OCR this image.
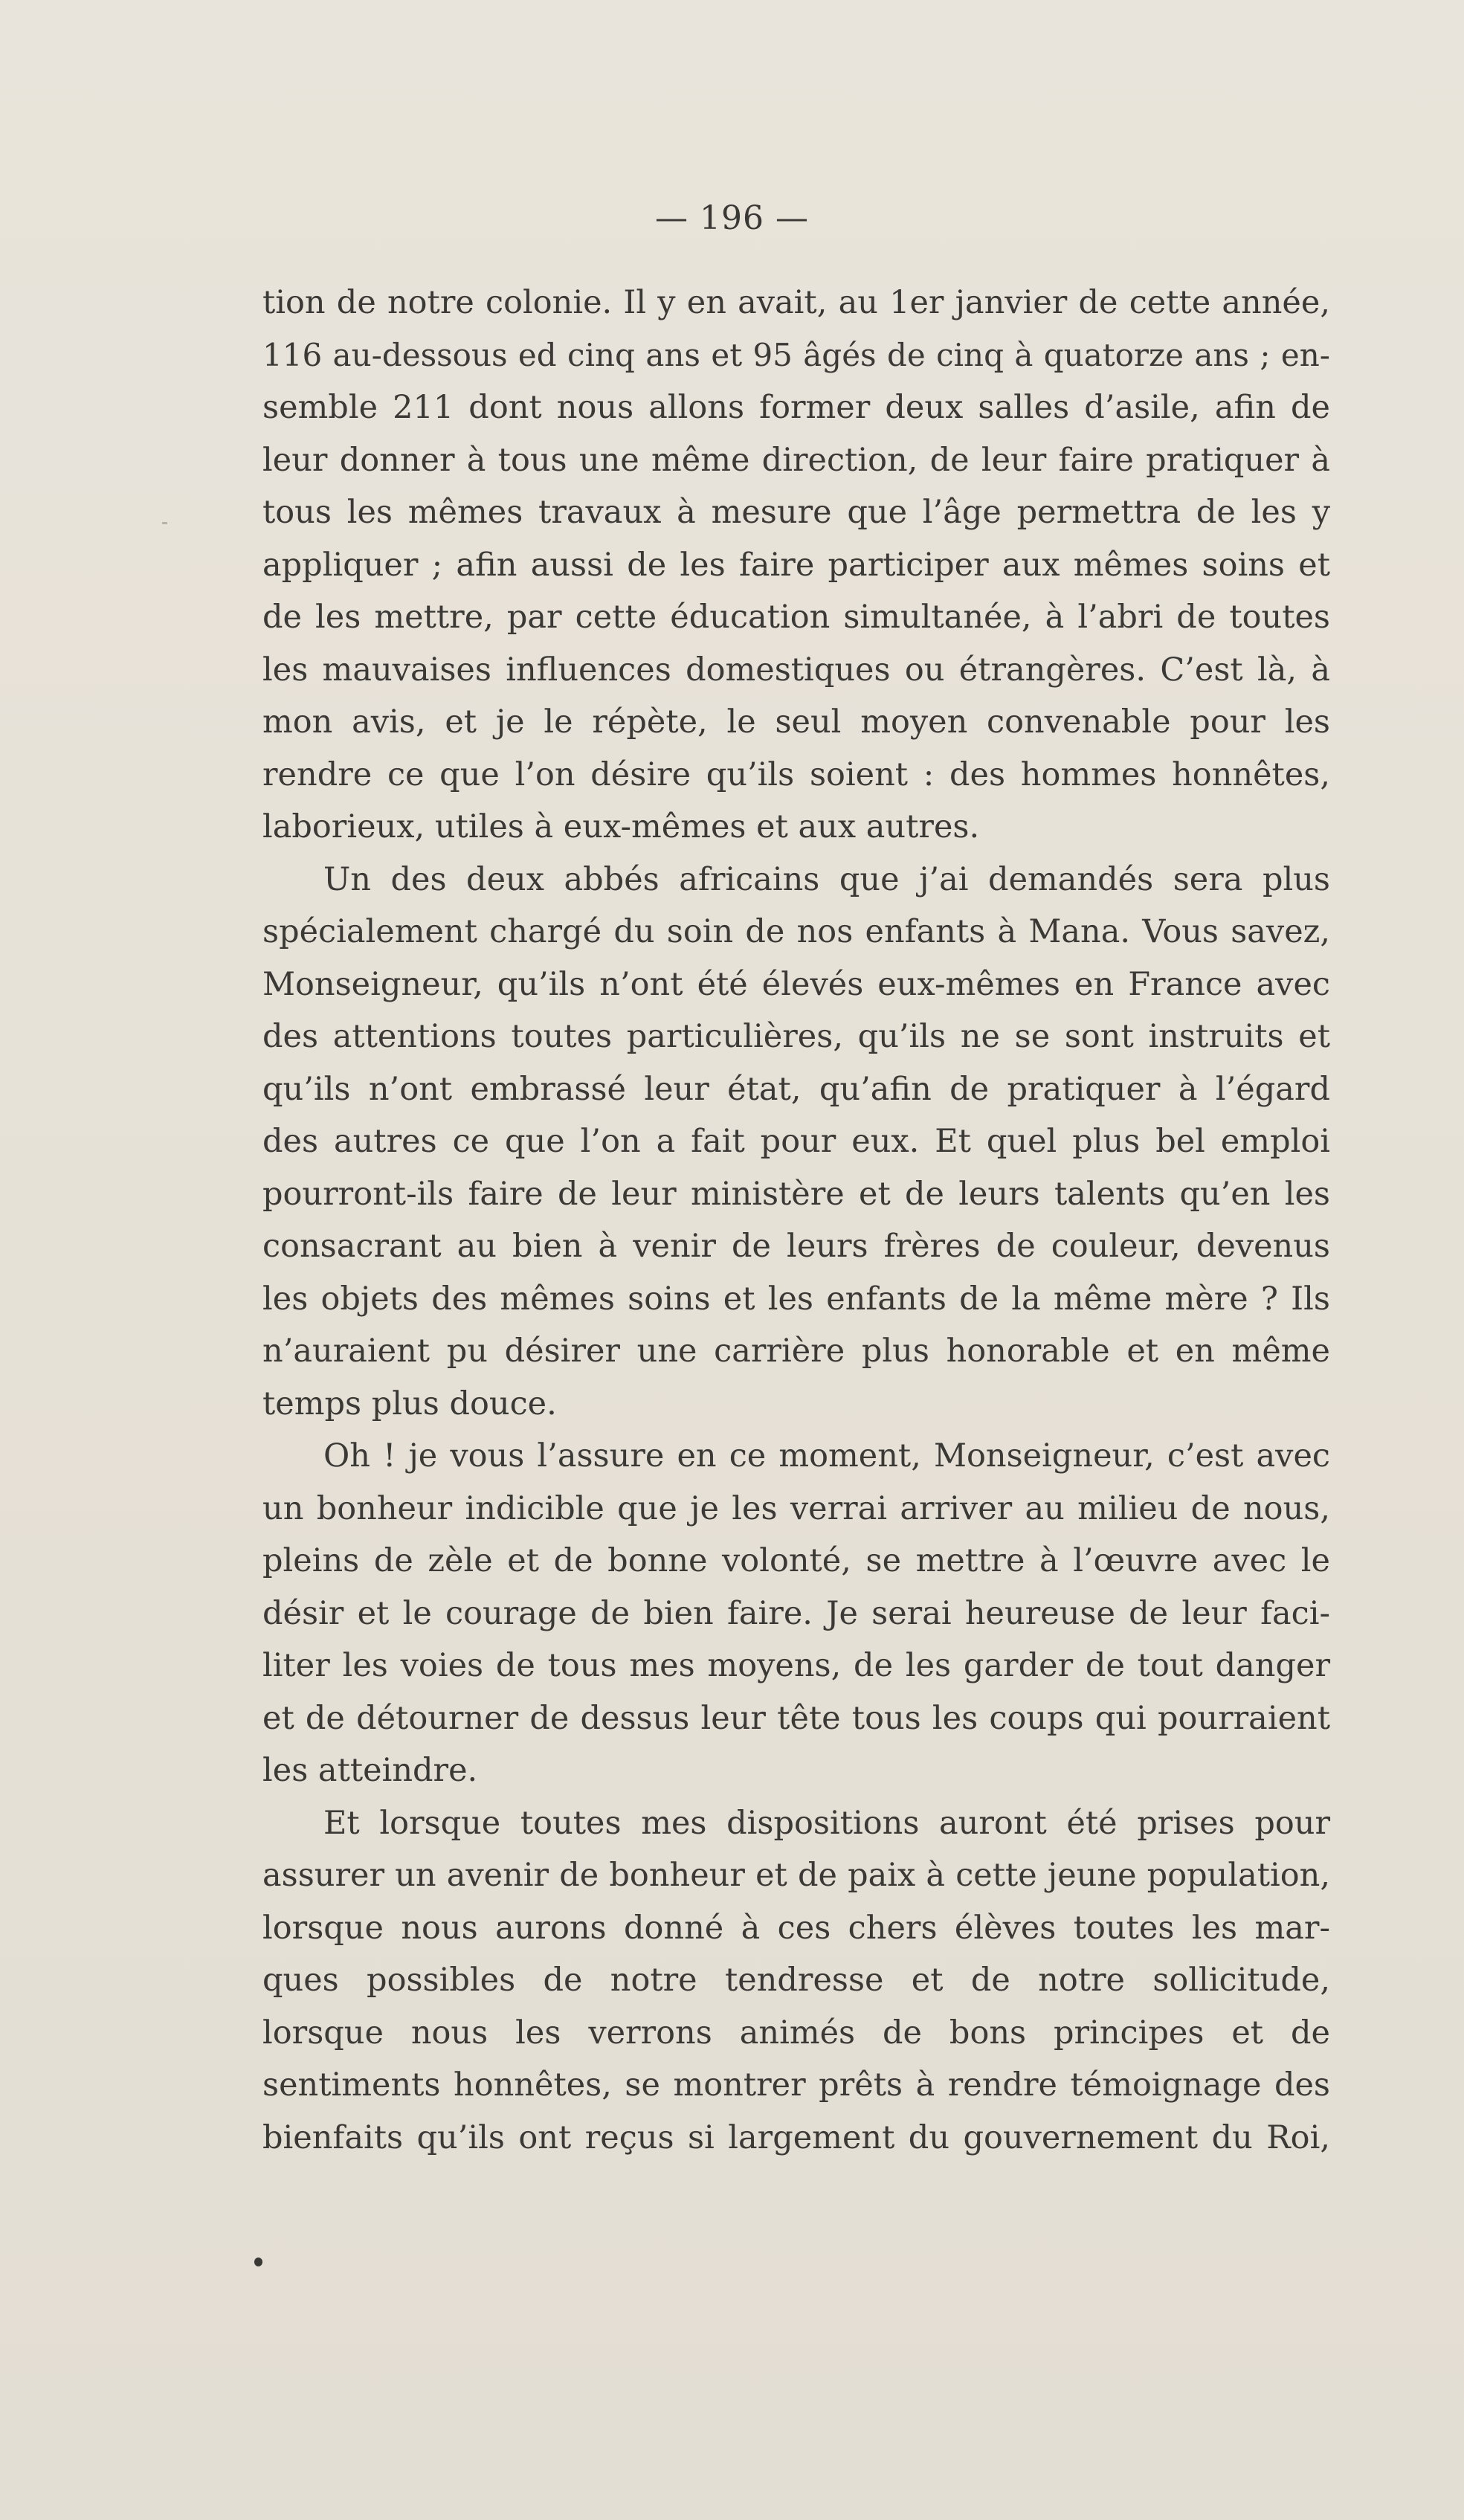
— 196 —

tion de notre colonie. Il y en avait, au 1er janvier de cette année,
116 au-dessous ed cinq ans et 95 âgés de cinq à quatorze ans ; en-
semble 211 dont nous allons former deux salles d’asile, afin de
leur donner à tous une même direction, de leur faire pratiquer à
tous les mêmes travaux à mesure que l’âge permettra de les y
appliquer ; afin aussi de les faire participer aux mêmes soins et
de les mettre, par cette éducation simultanée, à l’abri de toutes
les mauvaises influences domestiques ou étrangères. C’est là, à
mon avis, et je le répète, le seul moyen convenable pour les
rendre ce que l’on désire qu’ils soient : des hommes honnêtes,
laborieux, utiles à eux-mêmes et aux autres.
Un des deux abbés africains que j’ai demandés sera plus
spécialement chargé du soin de nos enfants à Mana. Vous savez,
Monseigneur, qu’ils n’ont été élevés eux-mêmes en France avec
des attentions toutes particulières, qu’ils ne se sont instruits et
qu’ils n’ont embrassé leur état, qu’afin de pratiquer à l’égard
des autres ce que l’on a fait pour eux. Et quel plus bel emploi
pourront-ils faire de leur ministère et de leurs talents qu’en les
consacrant au bien à venir de leurs frères de couleur, devenus
les objets des mêmes soins et les enfants de la même mère ? Ils
n’auraient pu désirer une carrière plus honorable et en même
temps plus douce.
Oh ! je vous l’assure en ce moment, Monseigneur, c’est avec
un bonheur indicible que je les verrai arriver au milieu de nous,
pleins de zèle et de bonne volonté, se mettre à l’œuvre avec le
désir et le courage de bien faire. Je serai heureuse de leur faci-
liter les voies de tous mes moyens, de les garder de tout danger
et de détourner de dessus leur tête tous les coups qui pourraient
les atteindre.
Et lorsque toutes mes dispositions auront été prises pour
assurer un avenir de bonheur et de paix à cette jeune population,
lorsque nous aurons donné à ces chers élèves toutes les mar-
ques possibles de notre tendresse et de notre sollicitude,
lorsque nous les verrons animés de bons principes et de
sentiments honnêtes, se montrer prêts à rendre témoignage des
bienfaits qu’ils ont reçus si largement du gouvernement du Roi,
